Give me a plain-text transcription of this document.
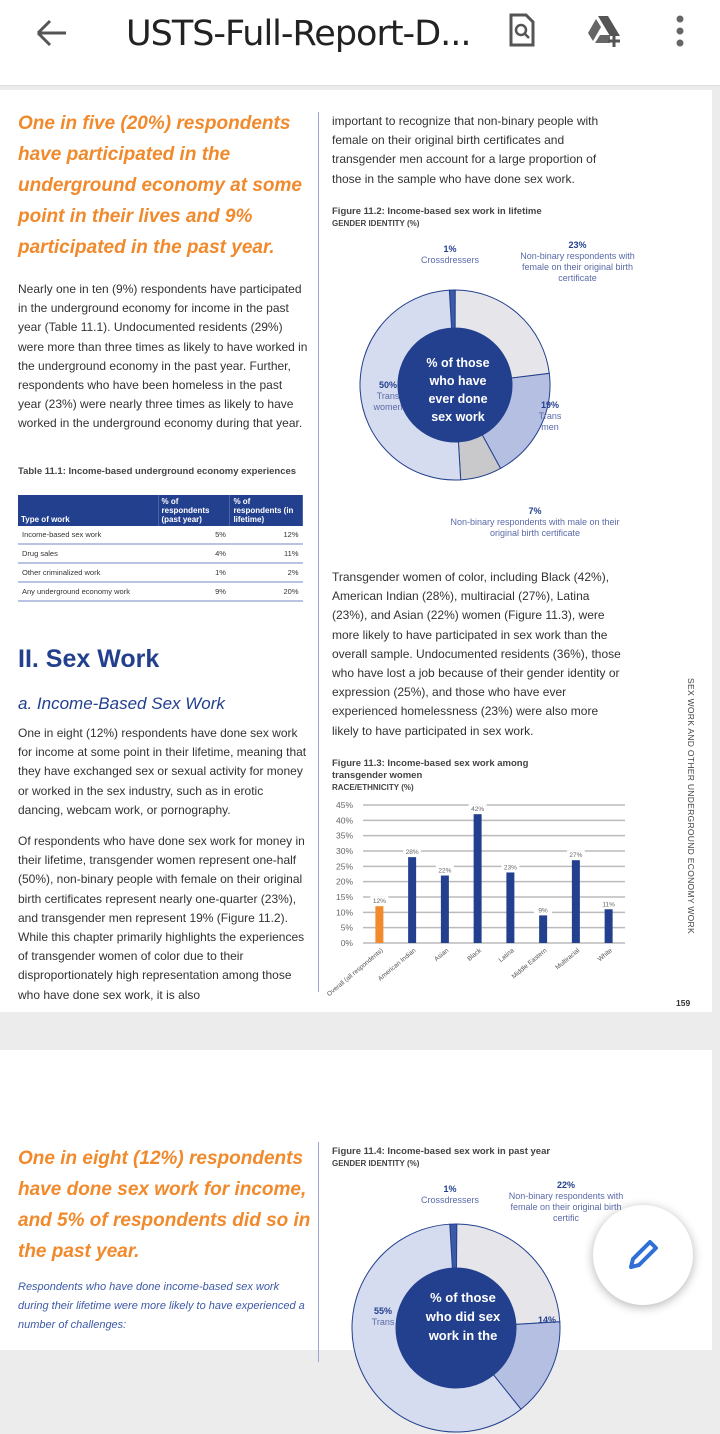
USTS-Full-Report-D...
One in five (20%) respondents have participated in the underground economy at some point in their lives and 9% participated in the past year.
Nearly one in ten (9%) respondents have participated in the underground economy for income in the past year (Table 11.1). Undocumented residents (29%) were more than three times as likely to have worked in the underground economy in the past year. Further, respondents who have been homeless in the past year (23%) were nearly three times as likely to have worked in the underground economy during that year.
Table 11.1: Income-based underground economy experiences
Type of work	% of respondents (past year)	% of respondents (in lifetime)
Income-based sex work	5%	12%
Drug sales	4%	11%
Other criminalized work	1%	2%
Any underground economy work	9%	20%
II. Sex Work
a. Income-Based Sex Work
One in eight (12%) respondents have done sex work for income at some point in their lifetime, meaning that they have exchanged sex or sexual activity for money or worked in the sex industry, such as in erotic dancing, webcam work, or pornography.
Of respondents who have done sex work for money in their lifetime, transgender women represent one-half (50%), non-binary people with female on their original birth certificates represent nearly one-quarter (23%), and transgender men represent 19% (Figure 11.2). While this chapter primarily highlights the experiences of transgender women of color due to their disproportionately high representation among those who have done sex work, it is also
important to recognize that non-binary people with female on their original birth certificates and transgender men account for a large proportion of those in the sample who have done sex work.
Figure 11.2: Income-based sex work in lifetime
GENDER IDENTITY (%)
% of those who have ever done sex work
1%
Crossdressers
23%
Non-binary respondents with female on their original birth certificate
19%
Trans men
7%
Non-binary respondents with male on their original birth certificate
50%
Trans women
Transgender women of color, including Black (42%), American Indian (28%), multiracial (27%), Latina (23%), and Asian (22%) women (Figure 11.3), were more likely to have participated in sex work than the overall sample. Undocumented residents (36%), those who have lost a job because of their gender identity or expression (25%), and those who have ever experienced homelessness (23%) were also more likely to have participated in sex work.
Figure 11.3: Income-based sex work among transgender women
RACE/ETHNICITY (%)
0%
5%
10%
15%
20%
25%
30%
35%
40%
45%
12%
Overall (all respondents)
28%
American Indian
22%
Asian
42%
Black
23%
Latina
9%
Middle Eastern
27%
Multiracial
11%
White
SEX WORK AND OTHER UNDERGROUND ECONOMY WORK
159
One in eight (12%) respondents have done sex work for income, and 5% of respondents did so in the past year.
Respondents who have done income-based sex work during their lifetime were more likely to have experienced a number of challenges:
Figure 11.4: Income-based sex work in past year
GENDER IDENTITY (%)
% of those who did sex work in the
1%
Crossdressers
22%
Non-binary respondents with female on their original birth certific
14%
55%
Trans
